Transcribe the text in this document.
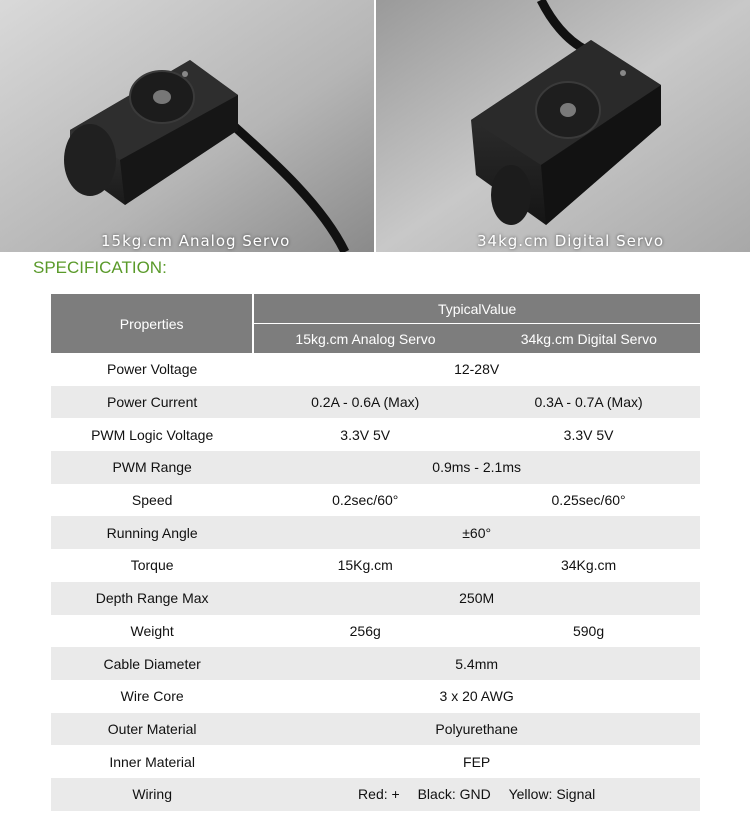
15kg.cm Analog Servo	34kg.cm Digital Servo
SPECIFICATION:
Properties	TypicalValue	
	15kg.cm Analog Servo	34kg.cm Digital Servo
Power Voltage	12-28V	
Power Current	0.2A - 0.6A (Max)	0.3A - 0.7A (Max)
PWM Logic Voltage	3.3V 5V	3.3V 5V
PWM Range	0.9ms - 2.1ms	
Speed	0.2sec/60°	0.25sec/60°
Running Angle	±60°	
Torque	15Kg.cm	34Kg.cm
Depth Range Max	250M	
Weight	256g	590g
Cable Diameter	5.4mm	
Wire Core	3 x 20 AWG	
Outer Material	Polyurethane	
Inner Material	FEP	
Wiring	Red: + Black: GND Yellow: Signal	
